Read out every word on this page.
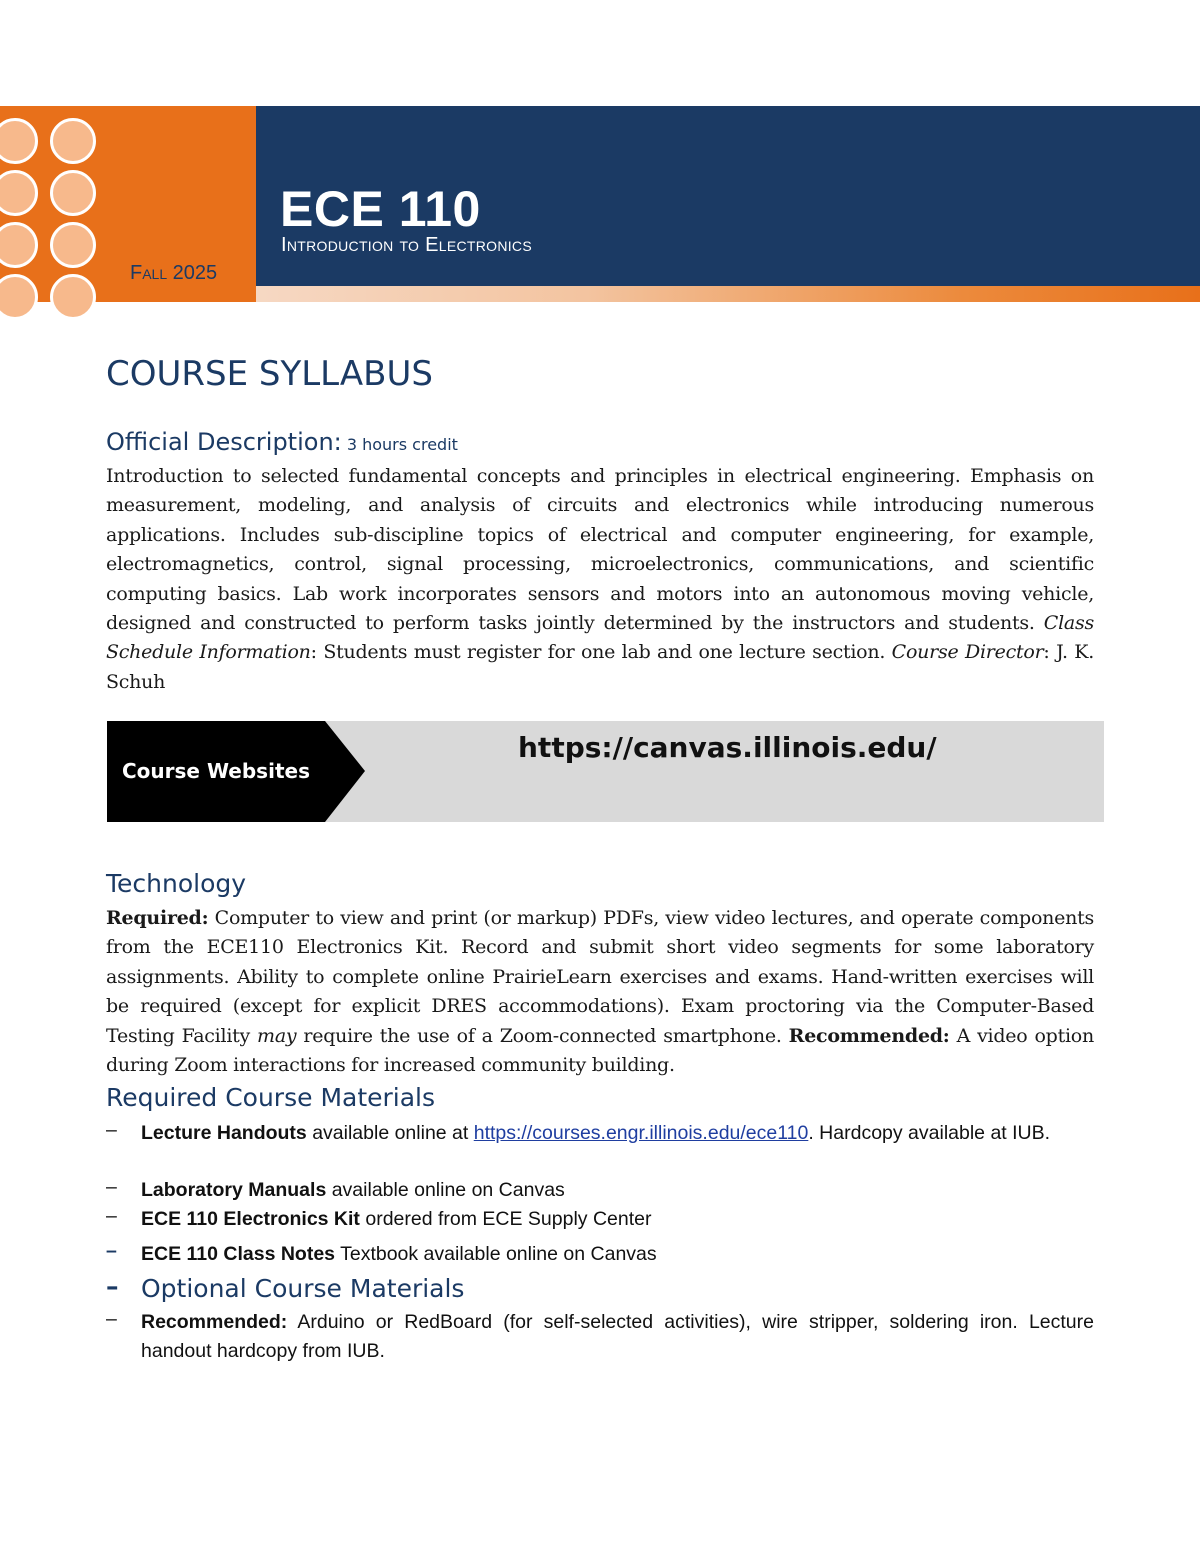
Fall 2025
ECE 110
Introduction to Electronics
COURSE SYLLABUS
Official Description: 3 hours credit
Introduction to selected fundamental concepts and principles in electrical engineering. Emphasis on measurement, modeling, and analysis of circuits and electronics while introducing numerous applications. Includes sub-discipline topics of electrical and computer engineering, for example, electromagnetics, control, signal processing, microelectronics, communications, and scientific computing basics. Lab work incorporates sensors and motors into an autonomous moving vehicle, designed and constructed to perform tasks jointly determined by the instructors and students. Class Schedule Information: Students must register for one lab and one lecture section. Course Director: J. K. Schuh
Course Websites
https://canvas.illinois.edu/
Technology
Required: Computer to view and print (or markup) PDFs, view video lectures, and operate components from the ECE110 Electronics Kit. Record and submit short video segments for some laboratory assignments. Ability to complete online PrairieLearn exercises and exams. Hand-written exercises will be required (except for explicit DRES accommodations). Exam proctoring via the Computer-Based Testing Facility may require the use of a Zoom-connected smartphone. Recommended: A video option during Zoom interactions for increased community building.
Required Course Materials
– Lecture Handouts available online at https://courses.engr.illinois.edu/ece110. Hardcopy available at IUB.
– Laboratory Manuals available online on Canvas
– ECE 110 Electronics Kit ordered from ECE Supply Center
– ECE 110 Class Notes Textbook available online on Canvas
– Optional Course Materials
– Recommended: Arduino or RedBoard (for self-selected activities), wire stripper, soldering iron. Lecture handout hardcopy from IUB.
